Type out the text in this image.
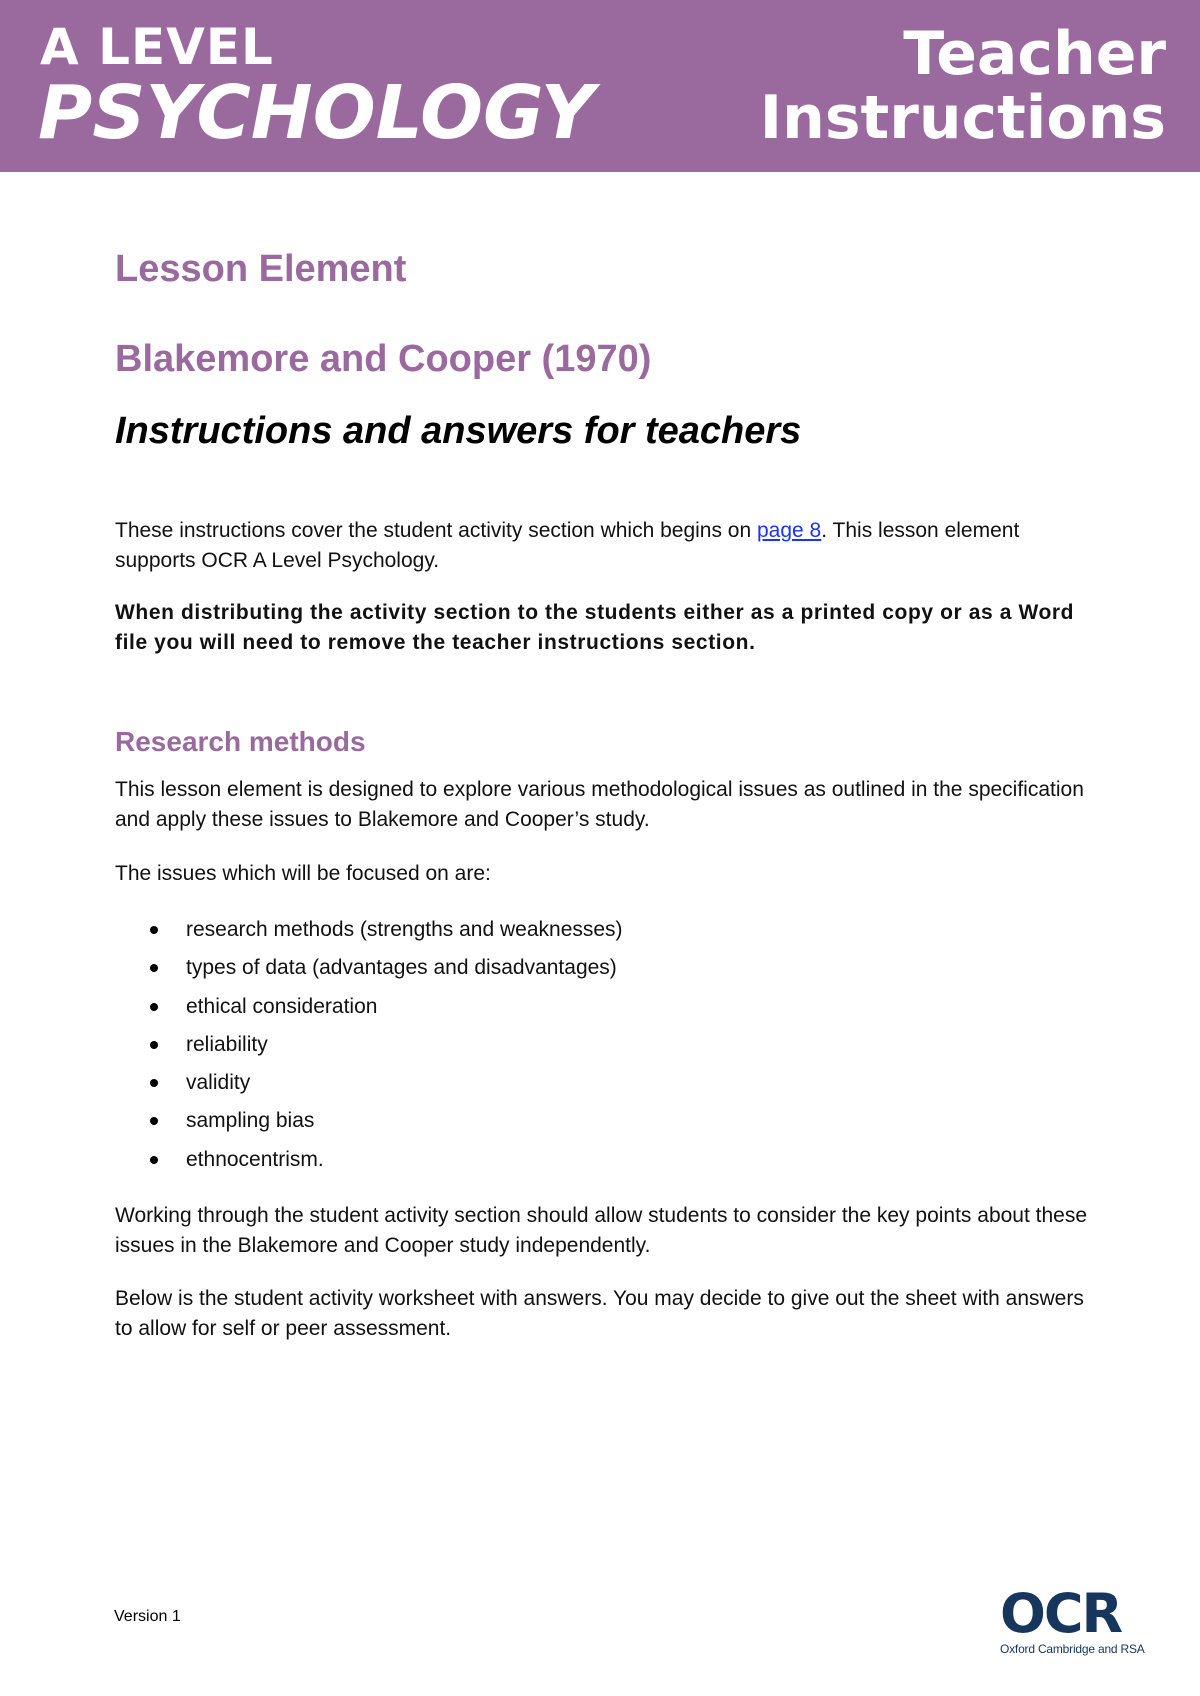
A LEVEL
PSYCHOLOGY
Teacher
Instructions
Lesson Element
Blakemore and Cooper (1970)
Instructions and answers for teachers

These instructions cover the student activity section which begins on page 8. This lesson element supports OCR A Level Psychology.

When distributing the activity section to the students either as a printed copy or as a Word file you will need to remove the teacher instructions section.

Research methods

This lesson element is designed to explore various methodological issues as outlined in the specification and apply these issues to Blakemore and Cooper’s study.

The issues which will be focused on are:

research methods (strengths and weaknesses)
types of data (advantages and disadvantages)
ethical consideration
reliability
validity
sampling bias
ethnocentrism.

Working through the student activity section should allow students to consider the key points about these issues in the Blakemore and Cooper study independently.

Below is the student activity worksheet with answers. You may decide to give out the sheet with answers to allow for self or peer assessment.

Version 1	OCR
Oxford Cambridge and RSA
